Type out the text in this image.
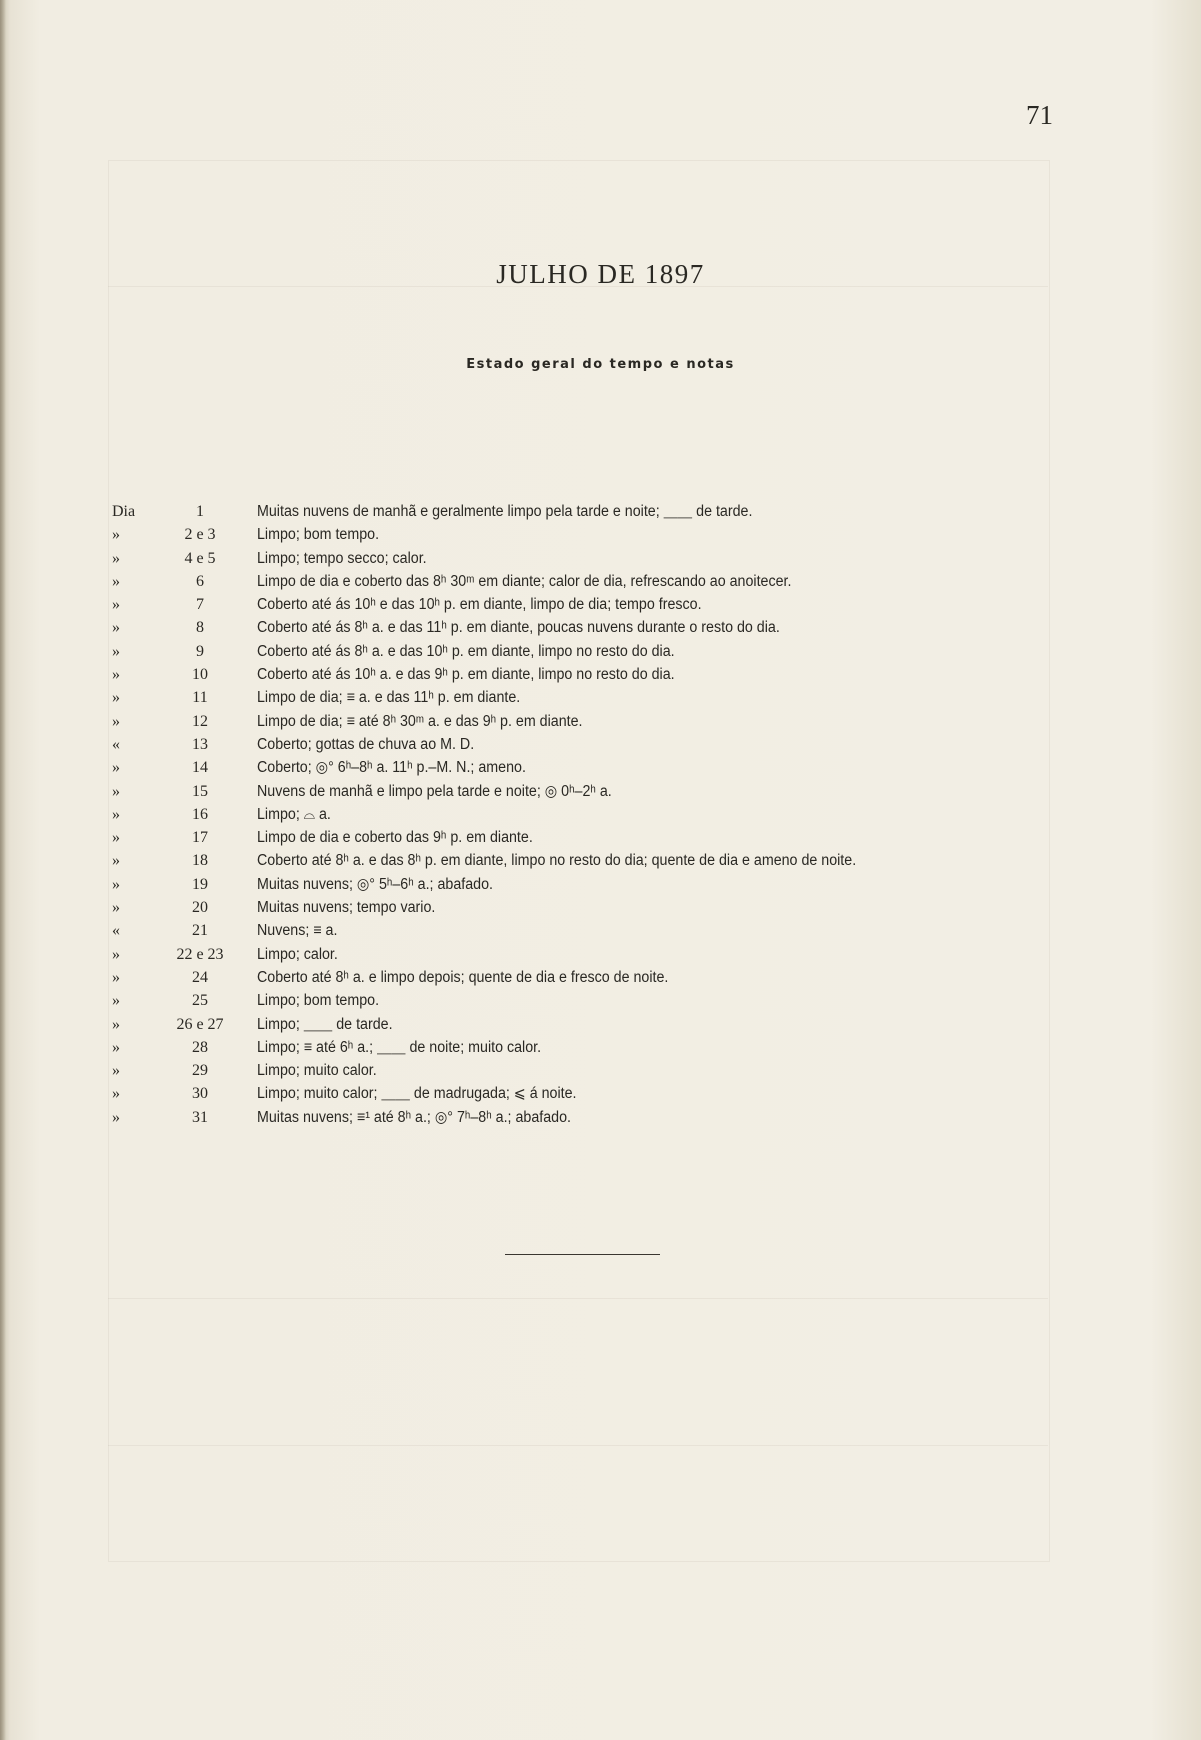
71
JULHO DE 1897
Estado geral do tempo e notas
Dia	1	Muitas nuvens de manhã e geralmente limpo pela tarde e noite; ⸏⸏ de tarde.
»	2 e 3	Limpo; bom tempo.
»	4 e 5	Limpo; tempo secco; calor.
»	6	Limpo de dia e coberto das 8ʰ 30ᵐ em diante; calor de dia, refrescando ao anoitecer.
»	7	Coberto até ás 10ʰ e das 10ʰ p. em diante, limpo de dia; tempo fresco.
»	8	Coberto até ás 8ʰ a. e das 11ʰ p. em diante, poucas nuvens durante o resto do dia.
»	9	Coberto até ás 8ʰ a. e das 10ʰ p. em diante, limpo no resto do dia.
»	10	Coberto até ás 10ʰ a. e das 9ʰ p. em diante, limpo no resto do dia.
»	11	Limpo de dia; ≡ a. e das 11ʰ p. em diante.
»	12	Limpo de dia; ≡ até 8ʰ 30ᵐ a. e das 9ʰ p. em diante.
«	13	Coberto; gottas de chuva ao M. D.
»	14	Coberto; ◎° 6ʰ–8ʰ a. 11ʰ p.–M. N.; ameno.
»	15	Nuvens de manhã e limpo pela tarde e noite; ◎ 0ʰ–2ʰ a.
»	16	Limpo; ⌓ a.
»	17	Limpo de dia e coberto das 9ʰ p. em diante.
»	18	Coberto até 8ʰ a. e das 8ʰ p. em diante, limpo no resto do dia; quente de dia e ameno de noite.
»	19	Muitas nuvens; ◎° 5ʰ–6ʰ a.; abafado.
»	20	Muitas nuvens; tempo vario.
«	21	Nuvens; ≡ a.
»	22 e 23	Limpo; calor.
»	24	Coberto até 8ʰ a. e limpo depois; quente de dia e fresco de noite.
»	25	Limpo; bom tempo.
»	26 e 27	Limpo; ⸏⸏ de tarde.
»	28	Limpo; ≡ até 6ʰ a.; ⸏⸏ de noite; muito calor.
»	29	Limpo; muito calor.
»	30	Limpo; muito calor; ⸏⸏ de madrugada; ⩽ á noite.
»	31	Muitas nuvens; ≡¹ até 8ʰ a.; ◎° 7ʰ–8ʰ a.; abafado.
